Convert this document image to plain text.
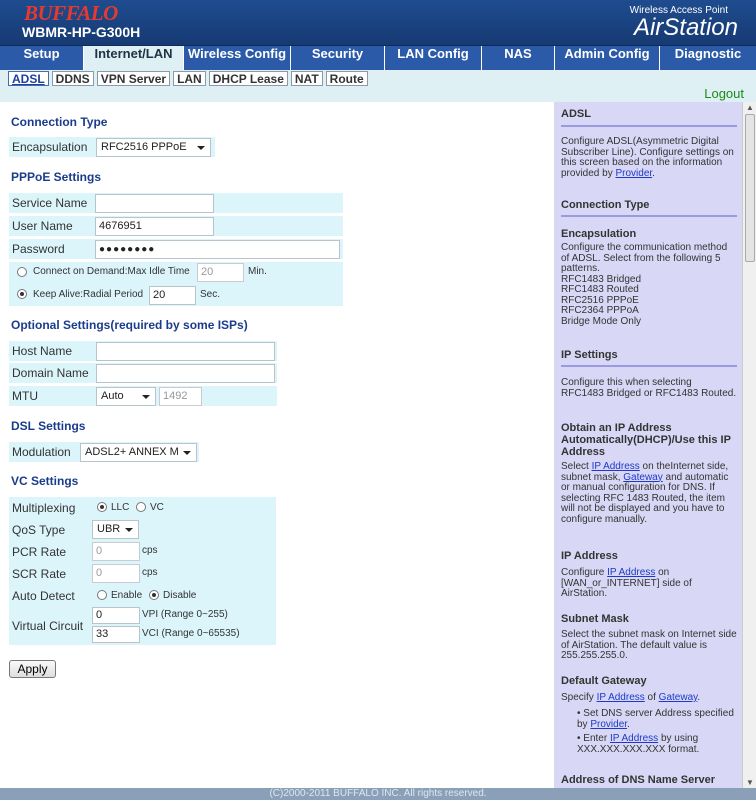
BUFFALO
WBMR-HP-G300H
Wireless Access Point
AirStation
Setup	Internet/LAN	Wireless Config	Security	LAN Config	NAS	Admin Config	Diagnostic
ADSL DDNS VPN Server LAN DHCP Lease NAT Route
Logout
Connection Type
Encapsulation	RFC2516 PPPoE
PPPoE Settings
Service Name
User Name	4676951
Password	●●●●●●●●
Connect on Demand:Max Idle Time	20	Min.
Keep Alive:Radial Period 20	Sec.
Optional Settings(required by some ISPs)
Host Name
Domain Name
MTU	Auto	1492
DSL Settings
Modulation	ADSL2+ ANNEX M
VC Settings
Multiplexing	LLC VC
QoS Type	UBR
PCR Rate	0	cps
SCR Rate	0	cps
Auto Detect	Enable Disable
Virtual Circuit
0	VPI (Range 0~255)
33	VCI (Range 0~65535)
Apply
ADSL
Configure ADSL(Asymmetric Digital Subscriber Line). Configure settings on this screen based on the information provided by Provider.
Connection Type
Encapsulation
Configure the communication method of ADSL. Select from the following 5 patterns.
RFC1483 Bridged
RFC1483 Routed
RFC2516 PPPoE
RFC2364 PPPoA
Bridge Mode Only
IP Settings
Configure this when selecting RFC1483 Bridged or RFC1483 Routed.
Obtain an IP Address Automatically(DHCP)/Use this IP Address
Select IP Address on theInternet side, subnet mask, Gateway and automatic or manual configuration for DNS. If selecting RFC 1483 Routed, the item will not be displayed and you have to configure manually.
IP Address
Configure IP Address on [WAN_or_INTERNET] side of AirStation.
Subnet Mask
Select the subnet mask on Internet side of AirStation. The default value is 255.255.255.0.
Default Gateway
Specify IP Address of Gateway.
• Set DNS server Address specified by Provider.
• Enter IP Address by using XXX.XXX.XXX.XXX format.
Address of DNS Name Server
▲
▼
(C)2000-2011 BUFFALO INC. All rights reserved.
